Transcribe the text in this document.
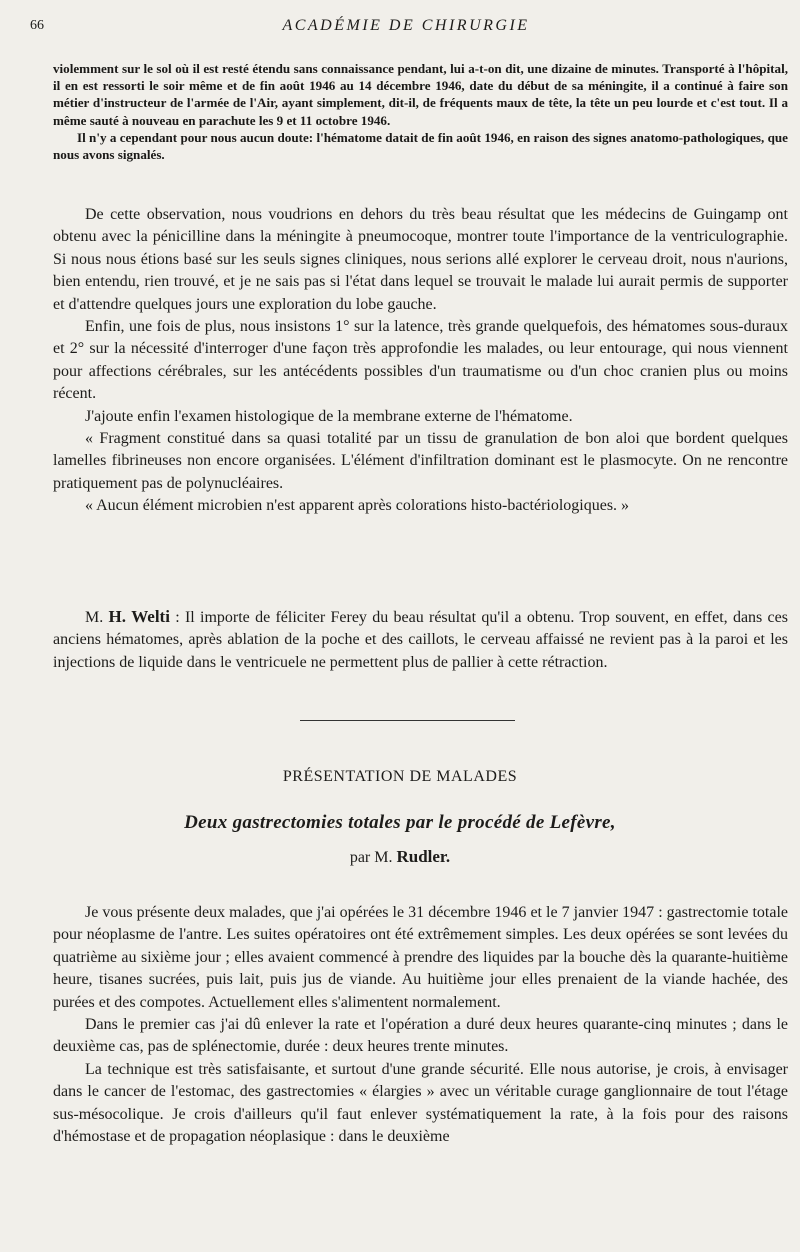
66	ACADÉMIE DE CHIRURGIE

violemment sur le sol où il est resté étendu sans connaissance pendant, lui a-t-on dit, une dizaine de minutes. Transporté à l'hôpital, il en est ressorti le soir même et de fin août 1946 au 14 décembre 1946, date du début de sa méningite, il a continué à faire son métier d'instructeur de l'armée de l'Air, ayant simplement, dit-il, de fréquents maux de tête, la tête un peu lourde et c'est tout. Il a même sauté à nouveau en parachute les 9 et 11 octobre 1946.

Il n'y a cependant pour nous aucun doute: l'hématome datait de fin août 1946, en raison des signes anatomo-pathologiques, que nous avons signalés.

De cette observation, nous voudrions en dehors du très beau résultat que les médecins de Guingamp ont obtenu avec la pénicilline dans la méningite à pneumocoque, montrer toute l'importance de la ventriculographie. Si nous nous étions basé sur les seuls signes cliniques, nous serions allé explorer le cerveau droit, nous n'aurions, bien entendu, rien trouvé, et je ne sais pas si l'état dans lequel se trouvait le malade lui aurait permis de supporter et d'attendre quelques jours une exploration du lobe gauche.

Enfin, une fois de plus, nous insistons 1° sur la latence, très grande quelquefois, des hématomes sous-duraux et 2° sur la nécessité d'interroger d'une façon très approfondie les malades, ou leur entourage, qui nous viennent pour affections cérébrales, sur les antécédents possibles d'un traumatisme ou d'un choc cranien plus ou moins récent.

J'ajoute enfin l'examen histologique de la membrane externe de l'hématome.

« Fragment constitué dans sa quasi totalité par un tissu de granulation de bon aloi que bordent quelques lamelles fibrineuses non encore organisées. L'élément d'infiltration dominant est le plasmocyte. On ne rencontre pratiquement pas de polynucléaires.

« Aucun élément microbien n'est apparent après colorations histo-bactériologiques. »

M. H. Welti : Il importe de féliciter Ferey du beau résultat qu'il a obtenu. Trop souvent, en effet, dans ces anciens hématomes, après ablation de la poche et des caillots, le cerveau affaissé ne revient pas à la paroi et les injections de liquide dans le ventricuele ne permettent plus de pallier à cette rétraction.

PRÉSENTATION DE MALADES
Deux gastrectomies totales par le procédé de Lefèvre,
par M. Rudler.

Je vous présente deux malades, que j'ai opérées le 31 décembre 1946 et le 7 janvier 1947 : gastrectomie totale pour néoplasme de l'antre. Les suites opératoires ont été extrêmement simples. Les deux opérées se sont levées du quatrième au sixième jour ; elles avaient commencé à prendre des liquides par la bouche dès la quarante-huitième heure, tisanes sucrées, puis lait, puis jus de viande. Au huitième jour elles prenaient de la viande hachée, des purées et des compotes. Actuellement elles s'alimentent normalement.

Dans le premier cas j'ai dû enlever la rate et l'opération a duré deux heures quarante-cinq minutes ; dans le deuxième cas, pas de splénectomie, durée : deux heures trente minutes.

La technique est très satisfaisante, et surtout d'une grande sécurité. Elle nous autorise, je crois, à envisager dans le cancer de l'estomac, des gastrectomies « élargies » avec un véritable curage ganglionnaire de tout l'étage sus-mésocolique. Je crois d'ailleurs qu'il faut enlever systématiquement la rate, à la fois pour des raisons d'hémostase et de propagation néoplasique : dans le deuxième
